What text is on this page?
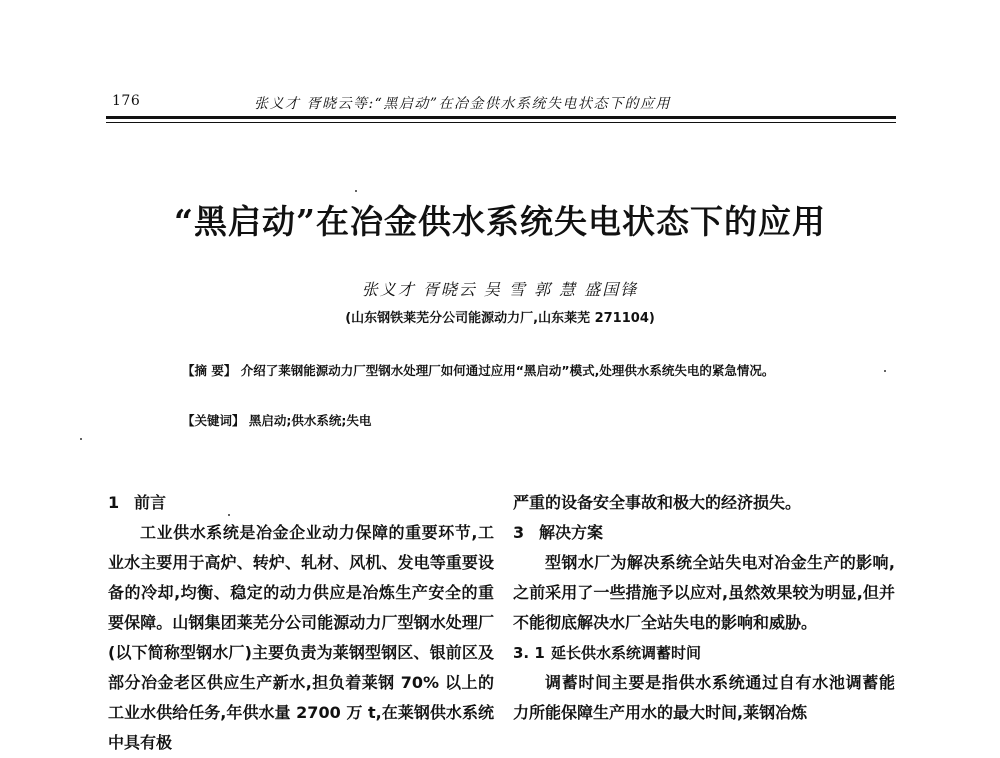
176	张义才 胥晓云等:“黑启动”在冶金供水系统失电状态下的应用
“黑启动”在冶金供水系统失电状态下的应用
张义才 胥晓云 吴 雪 郭 慧 盛国锋
(山东钢铁莱芜分公司能源动力厂,山东莱芜 271104)
【摘 要】 介绍了莱钢能源动力厂型钢水处理厂如何通过应用“黑启动”模式,处理供水系统失电的紧急情况。
【关键词】 黑启动;供水系统;失电
1 前言

工业供水系统是冶金企业动力保障的重要环节,工业水主要用于高炉、转炉、轧材、风机、发电等重要设备的冷却,均衡、稳定的动力供应是冶炼生产安全的重要保障。山钢集团莱芜分公司能源动力厂型钢水处理厂(以下简称型钢水厂)主要负责为莱钢型钢区、银前区及部分冶金老区供应生产新水,担负着莱钢 70% 以上的工业水供给任务,年供水量 2700 万 t,在莱钢供水系统中具有极

严重的设备安全事故和极大的经济损失。

3 解决方案

型钢水厂为解决系统全站失电对冶金生产的影响,之前采用了一些措施予以应对,虽然效果较为明显,但并不能彻底解决水厂全站失电的影响和威胁。

3. 1 延长供水系统调蓄时间

调蓄时间主要是指供水系统通过自有水池调蓄能力所能保障生产用水的最大时间,莱钢冶炼
